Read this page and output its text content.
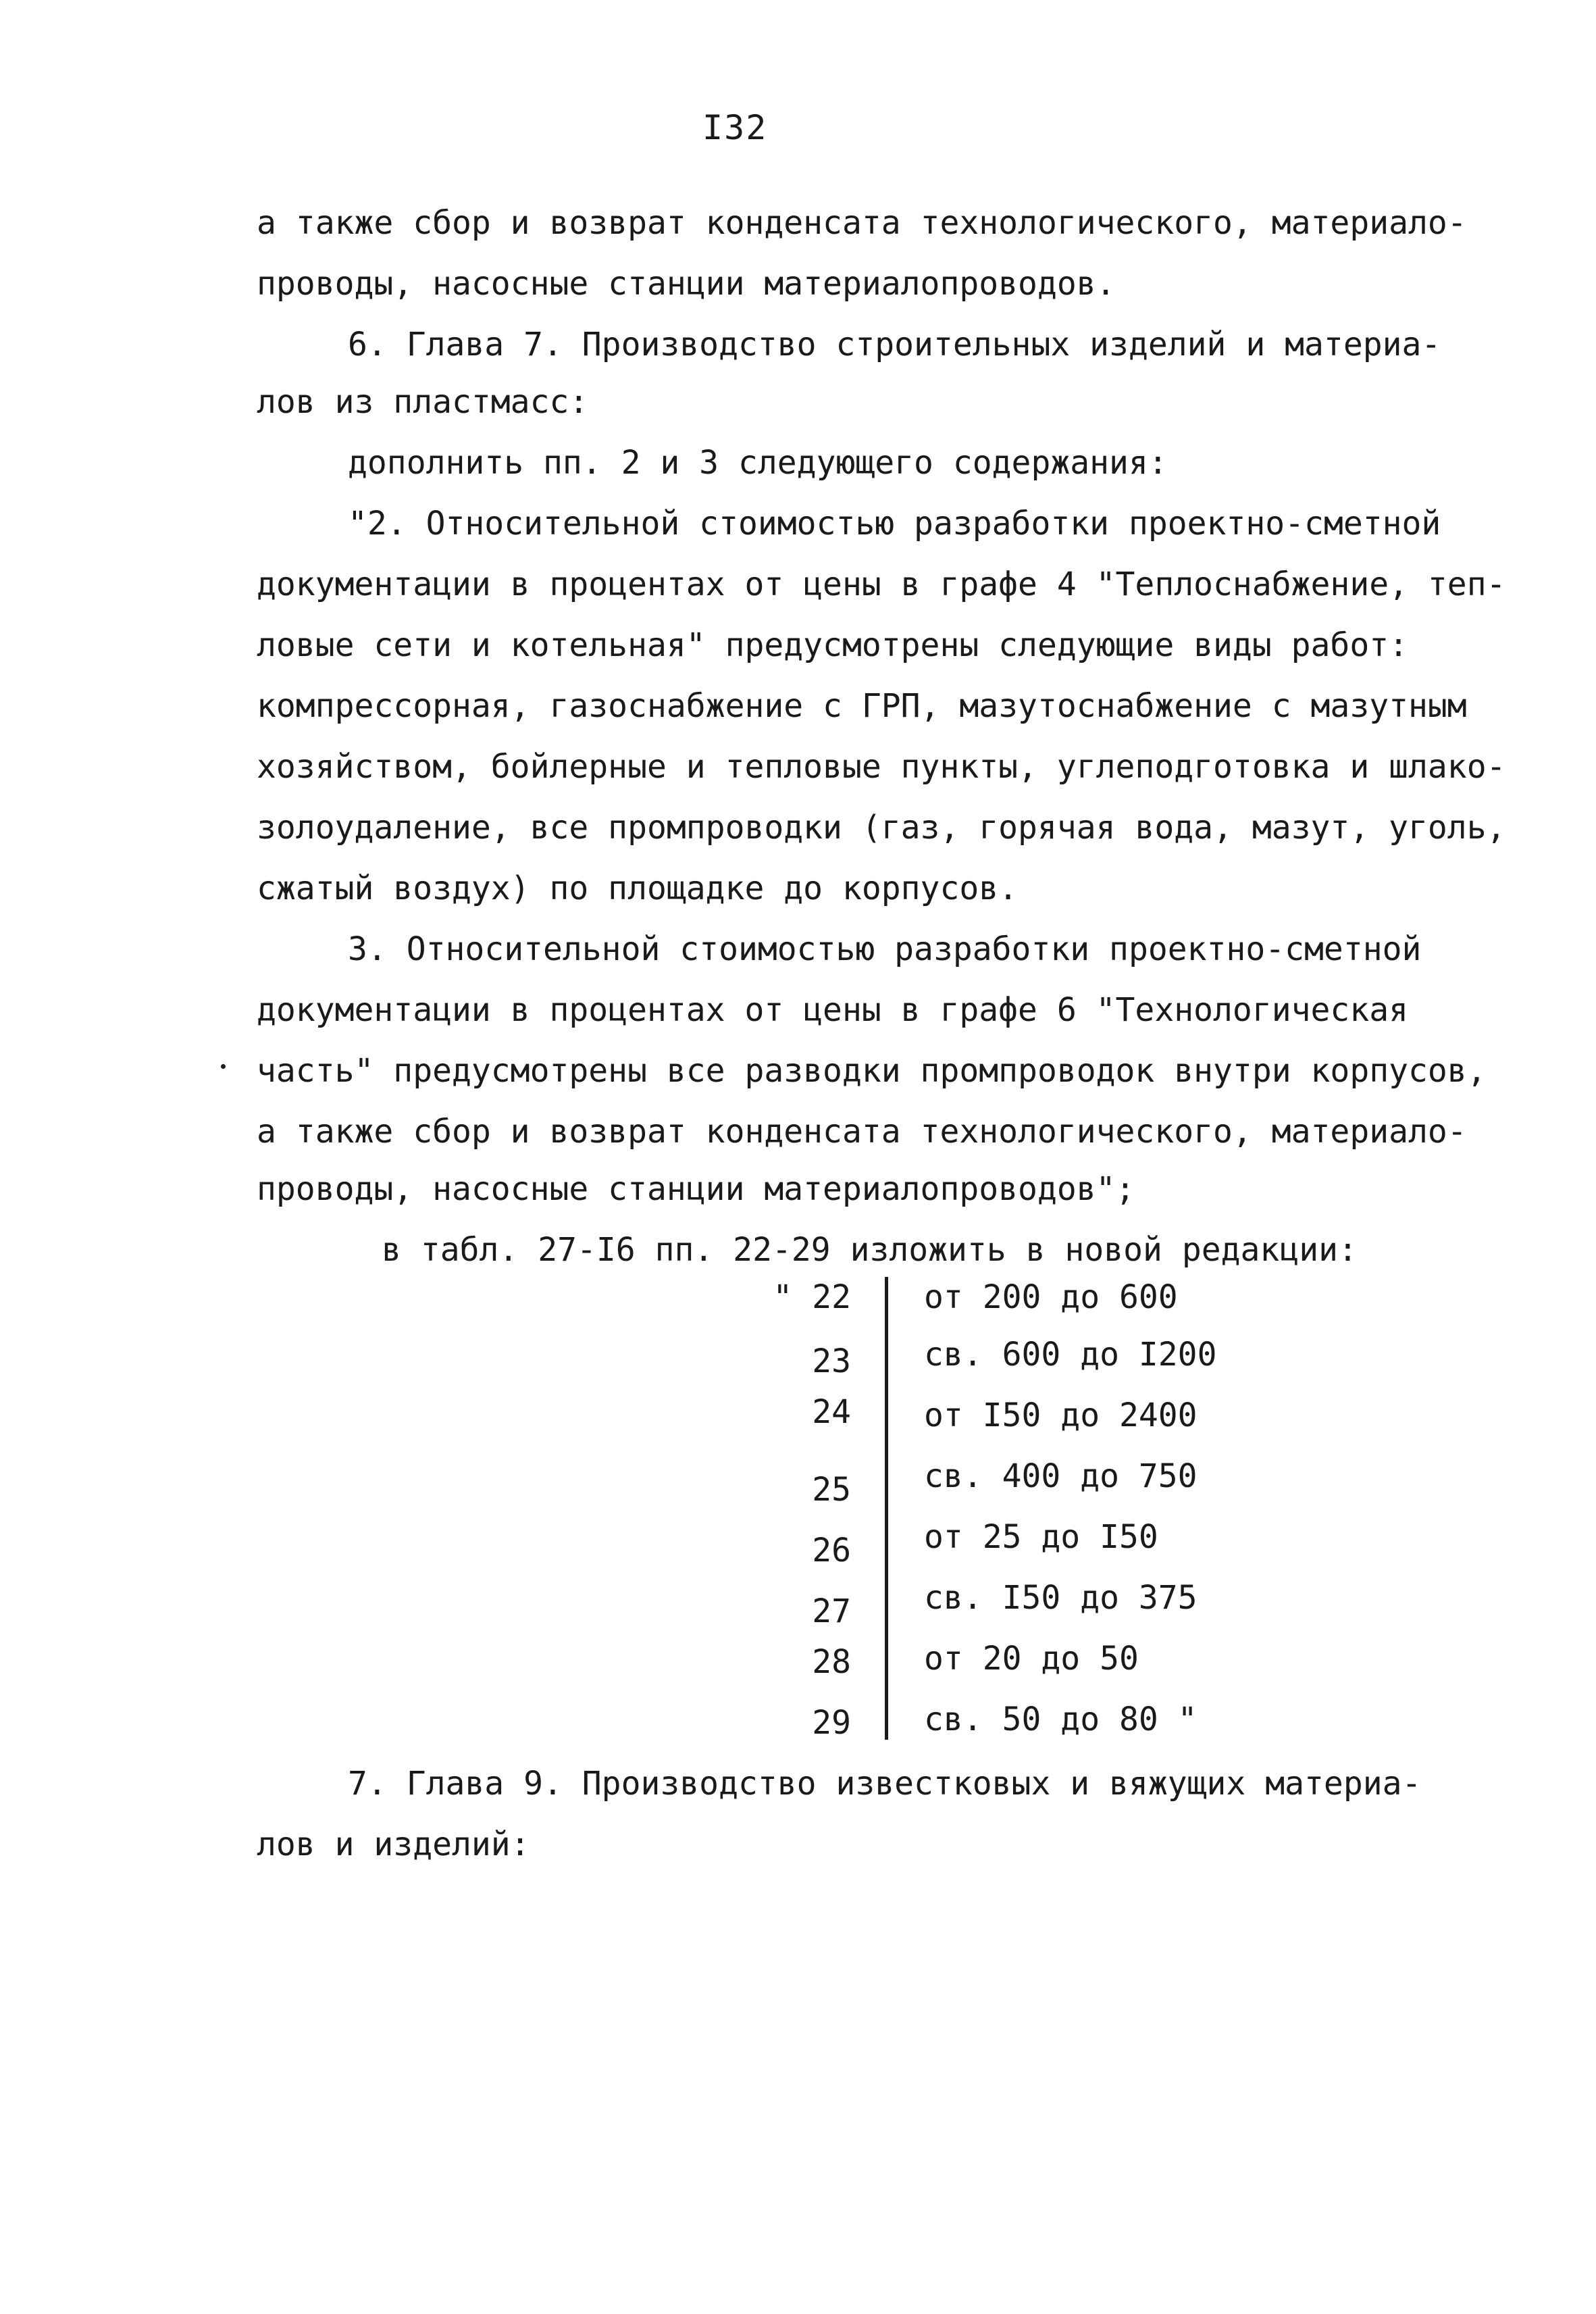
I32
а также сбор и возврат конденсата технологического, материало-
проводы, насосные станции материалопроводов.
6. Глава 7. Производство строительных изделий и материа-
лов из пластмасс:
дополнить пп. 2 и 3 следующего содержания:
"2. Относительной стоимостью разработки проектно-сметной
документации в процентах от цены в графе 4 "Теплоснабжение, теп-
ловые сети и котельная" предусмотрены следующие виды работ:
компрессорная, газоснабжение с ГРП, мазутоснабжение с мазутным
хозяйством, бойлерные и тепловые пункты, углеподготовка и шлако-
золоудаление, все промпроводки (газ, горячая вода, мазут, уголь,
сжатый воздух) по площадке до корпусов.
3. Относительной стоимостью разработки проектно-сметной
документации в процентах от цены в графе 6 "Технологическая
часть" предусмотрены все разводки промпроводок внутри корпусов,
а также сбор и возврат конденсата технологического, материало-
проводы, насосные станции материалопроводов";
в табл. 27-I6 пп. 22-29 изложить в новой редакции:
" 22 от 200 до 600
23 св. 600 до I200
24 от I50 до 2400
25 св. 400 до 750
26 от 25 до I50
27 св. I50 до 375
28 от 20 до 50
29 св. 50 до 80 "
7. Глава 9. Производство известковых и вяжущих материа-
лов и изделий:
